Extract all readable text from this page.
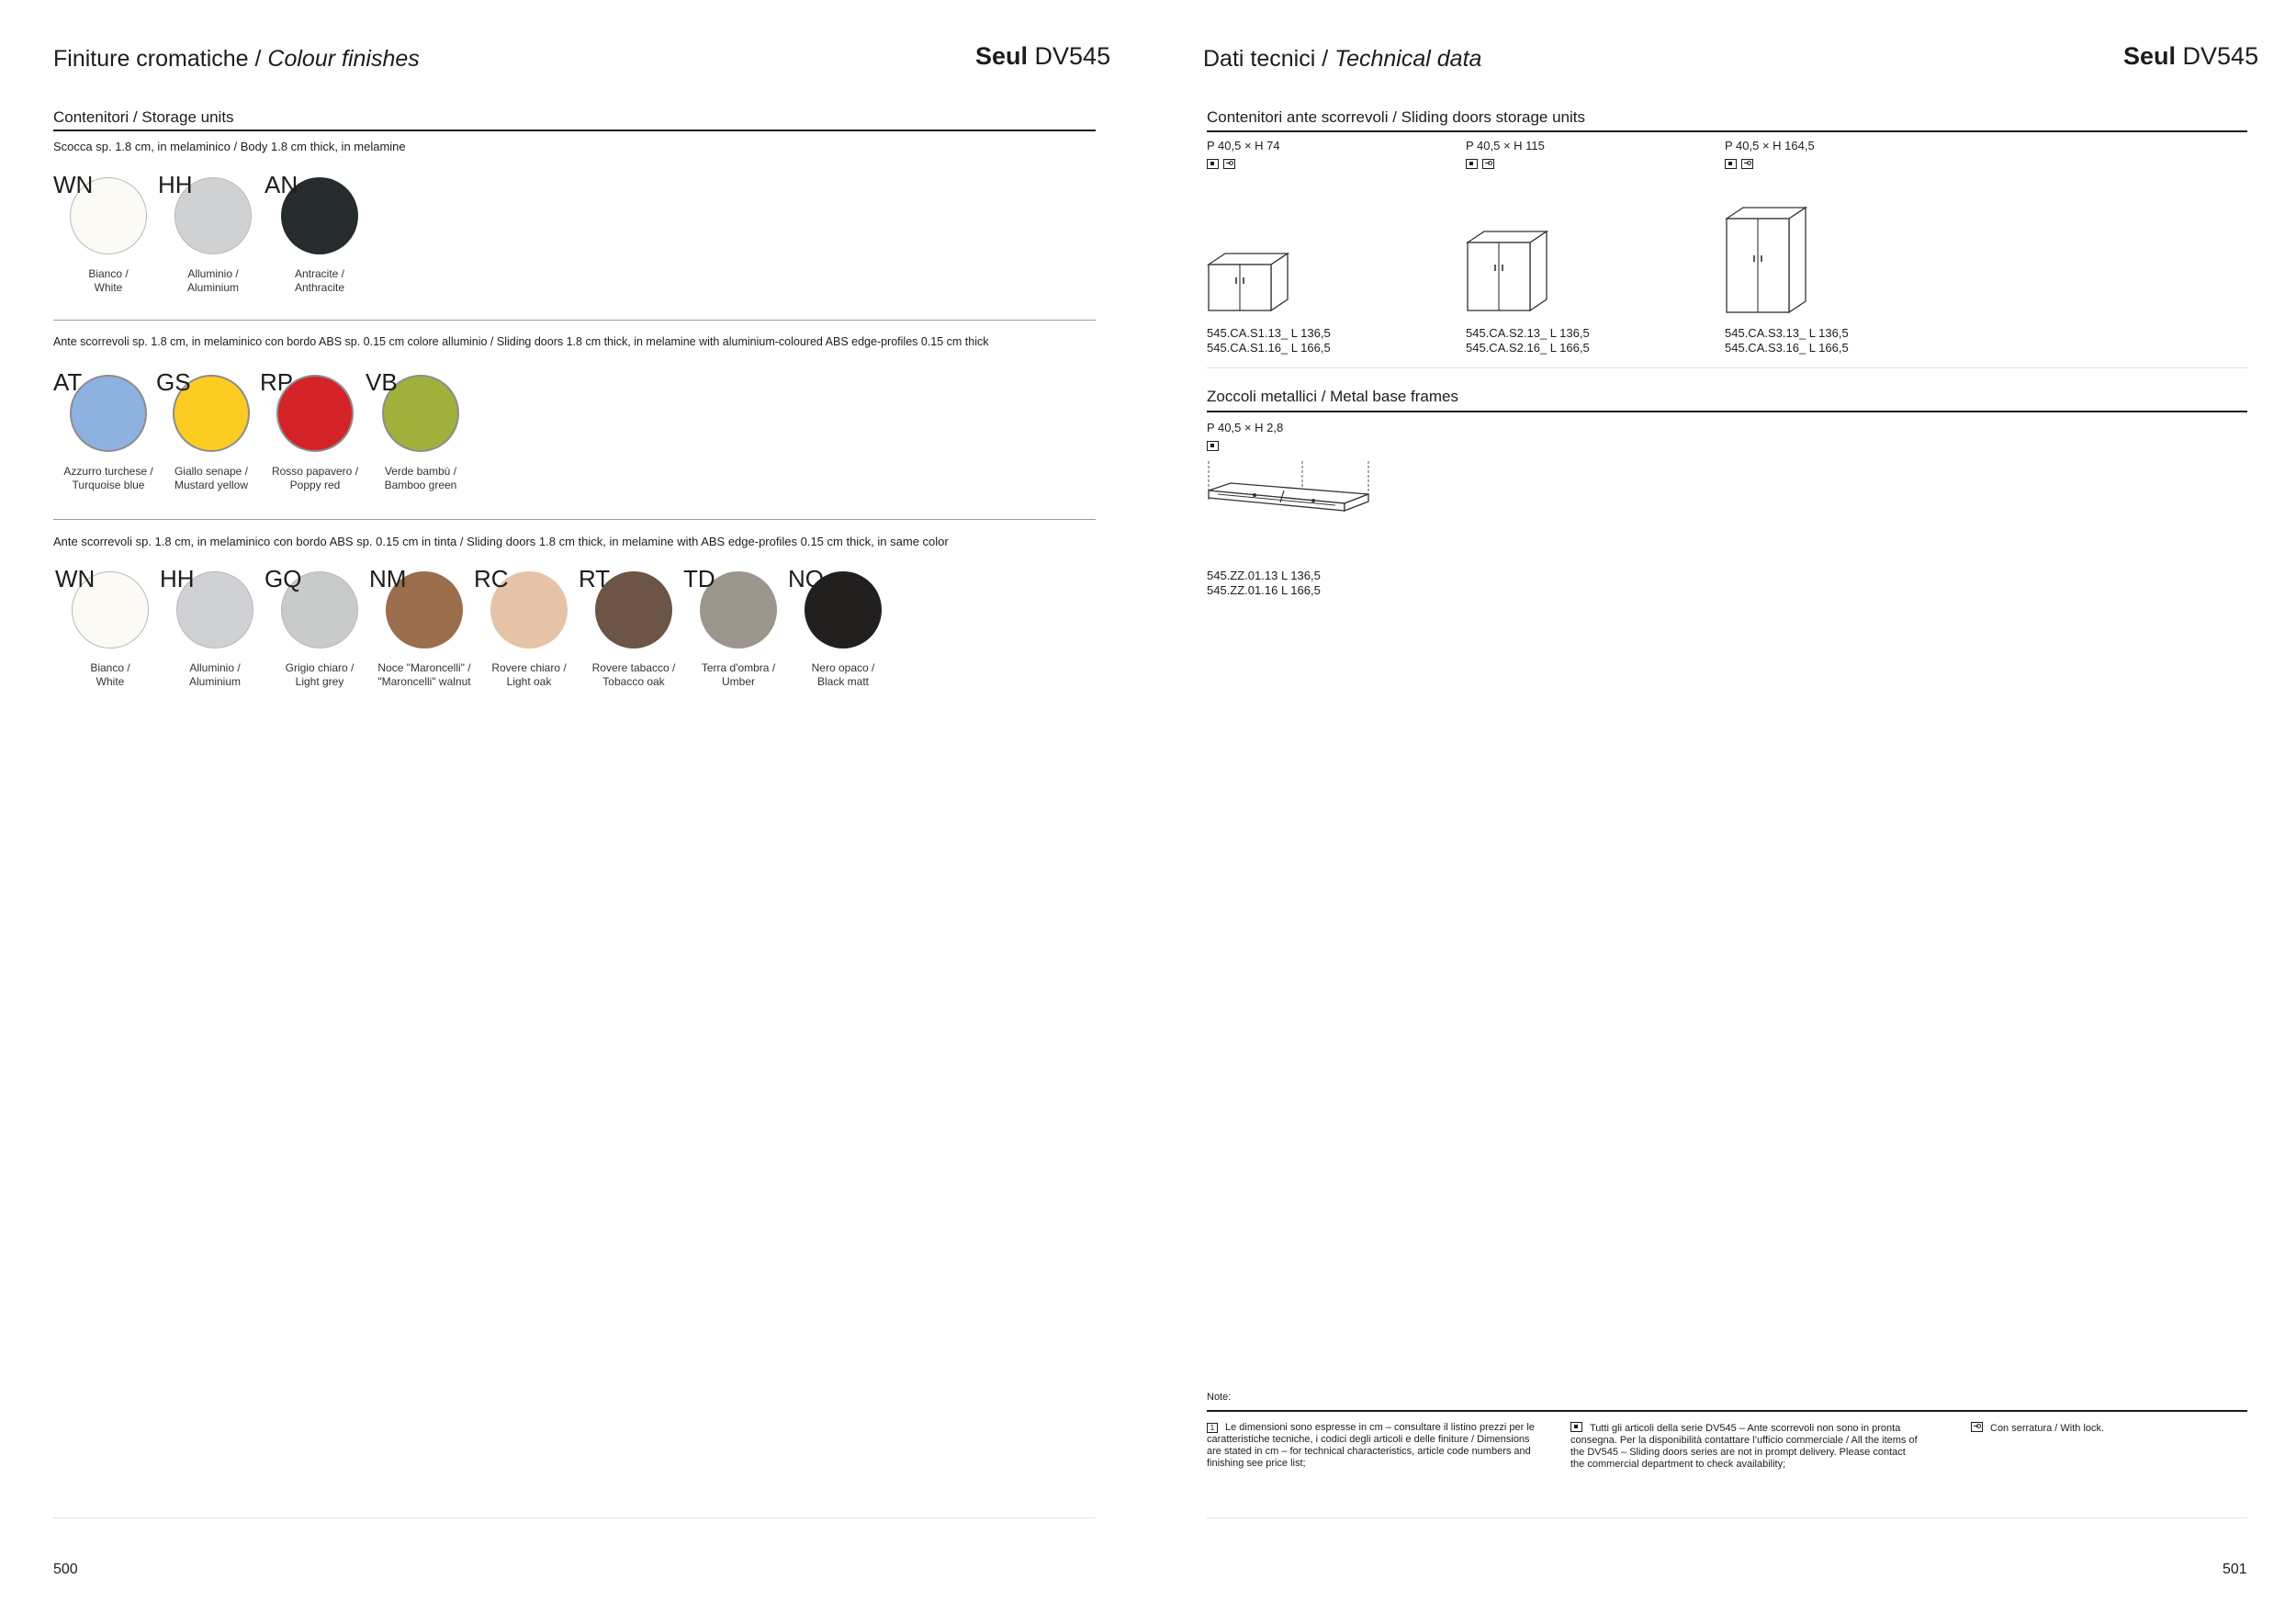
Finiture cromatiche / Colour finishes	Seul DV545
Contenitori / Storage units
Scocca sp. 1.8 cm, in melaminico / Body 1.8 cm thick, in melamine
WN
Bianco /
White
HH
Alluminio /
Aluminium
AN
Antracite /
Anthracite
Ante scorrevoli sp. 1.8 cm, in melaminico con bordo ABS sp. 0.15 cm colore alluminio / Sliding doors 1.8 cm thick, in melamine with aluminium-coloured ABS edge-profiles 0.15 cm thick
AT
Azzurro turchese /
Turquoise blue
GS
Giallo senape /
Mustard yellow
RP
Rosso papavero /
Poppy red
VB
Verde bambù /
Bamboo green
Ante scorrevoli sp. 1.8 cm, in melaminico con bordo ABS sp. 0.15 cm in tinta / Sliding doors 1.8 cm thick, in melamine with ABS edge-profiles 0.15 cm thick, in same color
WN
Bianco /
White
HH
Alluminio /
Aluminium
GQ
Grigio chiaro /
Light grey
NM
Noce "Maroncelli" /
"Maroncelli" walnut
RC
Rovere chiaro /
Light oak
RT
Rovere tabacco /
Tobacco oak
TD
Terra d'ombra /
Umber
NO
Nero opaco /
Black matt
500
Dati tecnici / Technical data	Seul DV545
Contenitori ante scorrevoli / Sliding doors storage units
P 40,5 × H 74
545.CA.S1.13_ L 136,5
545.CA.S1.16_ L 166,5
P 40,5 × H 115
545.CA.S2.13_ L 136,5
545.CA.S2.16_ L 166,5
P 40,5 × H 164,5
545.CA.S3.13_ L 136,5
545.CA.S3.16_ L 166,5
Zoccoli metallici / Metal base frames
P 40,5 × H 2,8
545.ZZ.01.13 L 136,5
545.ZZ.01.16 L 166,5
Note:
1 Le dimensioni sono espresse in cm – consultare il listino prezzi per le caratteristiche tecniche, i codici degli articoli e delle finiture / Dimensions are stated in cm – for technical characteristics, article code numbers and finishing see price list;
Tutti gli articoli della serie DV545 – Ante scorrevoli non sono in pronta consegna. Per la disponibilità contattare l’ufficio commerciale / All the items of the DV545 – Sliding doors series are not in prompt delivery. Please contact the commercial department to check availability;
Con serratura / With lock.
501
